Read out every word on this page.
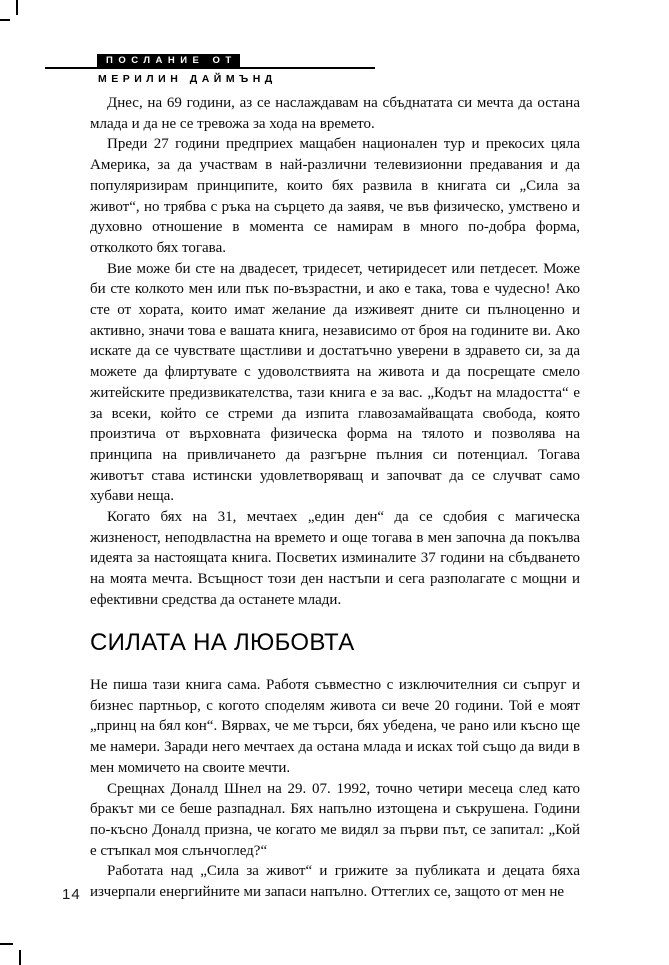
ПОСЛАНИЕ ОТ
МЕРИЛИН ДАЙМЪНД

Днес, на 69 години, аз се наслаждавам на сбъднатата си мечта да остана млада и да не се тревожа за хода на времето.

Преди 27 години предприех мащабен национален тур и прекосих цяла Америка, за да участвам в най-различни телевизионни предавания и да популяризирам принципите, които бях развила в книгата си „Сила за живот“, но трябва с ръка на сърцето да заявя, че във физическо, умствено и духовно отношение в момента се намирам в много по-добра форма, отколкото бях тогава.

Вие може би сте на двадесет, тридесет, четиридесет или петдесет. Може би сте колкото мен или пък по-възрастни, и ако е така, това е чудесно! Ако сте от хората, които имат желание да изживеят дните си пълноценно и активно, значи това е вашата книга, независимо от броя на годините ви. Ако искате да се чувствате щастливи и достатъчно уверени в здравето си, за да можете да флиртувате с удоволствията на живота и да посрещате смело житейските предизвикателства, тази книга е за вас. „Кодът на младостта“ е за всеки, който се стреми да изпита главозамайващата свобода, която произтича от върховната физическа форма на тялото и позволява на принципа на привличането да разгърне пълния си потенциал. Тогава животът става истински удовлетворяващ и започват да се случват само хубави неща.

Когато бях на 31, мечтаех „един ден“ да се сдобия с магическа жизненост, неподвластна на времето и още тогава в мен започна да покълва идеята за настоящата книга. Посветих изминалите 37 години на сбъдването на моята мечта. Всъщност този ден настъпи и сега разполагате с мощни и ефективни средства да останете млади.

СИЛАТА НА ЛЮБОВТА

Не пиша тази книга сама. Работя съвместно с изключителния си съпруг и бизнес партньор, с когото споделям живота си вече 20 години. Той е моят „принц на бял кон“. Вярвах, че ме търси, бях убедена, че рано или късно ще ме намери. Заради него мечтаех да остана млада и исках той също да види в мен момичето на своите мечти.

Срещнах Доналд Шнел на 29. 07. 1992, точно четири месеца след като бракът ми се беше разпаднал. Бях напълно изтощена и съкрушена. Години по-късно Доналд призна, че когато ме видял за първи път, се запитал: „Кой е стъпкал моя слънчоглед?“

Работата над „Сила за живот“ и грижите за публиката и децата бяха изчерпали енергийните ми запаси напълно. Оттеглих се, защото от мен не

14
